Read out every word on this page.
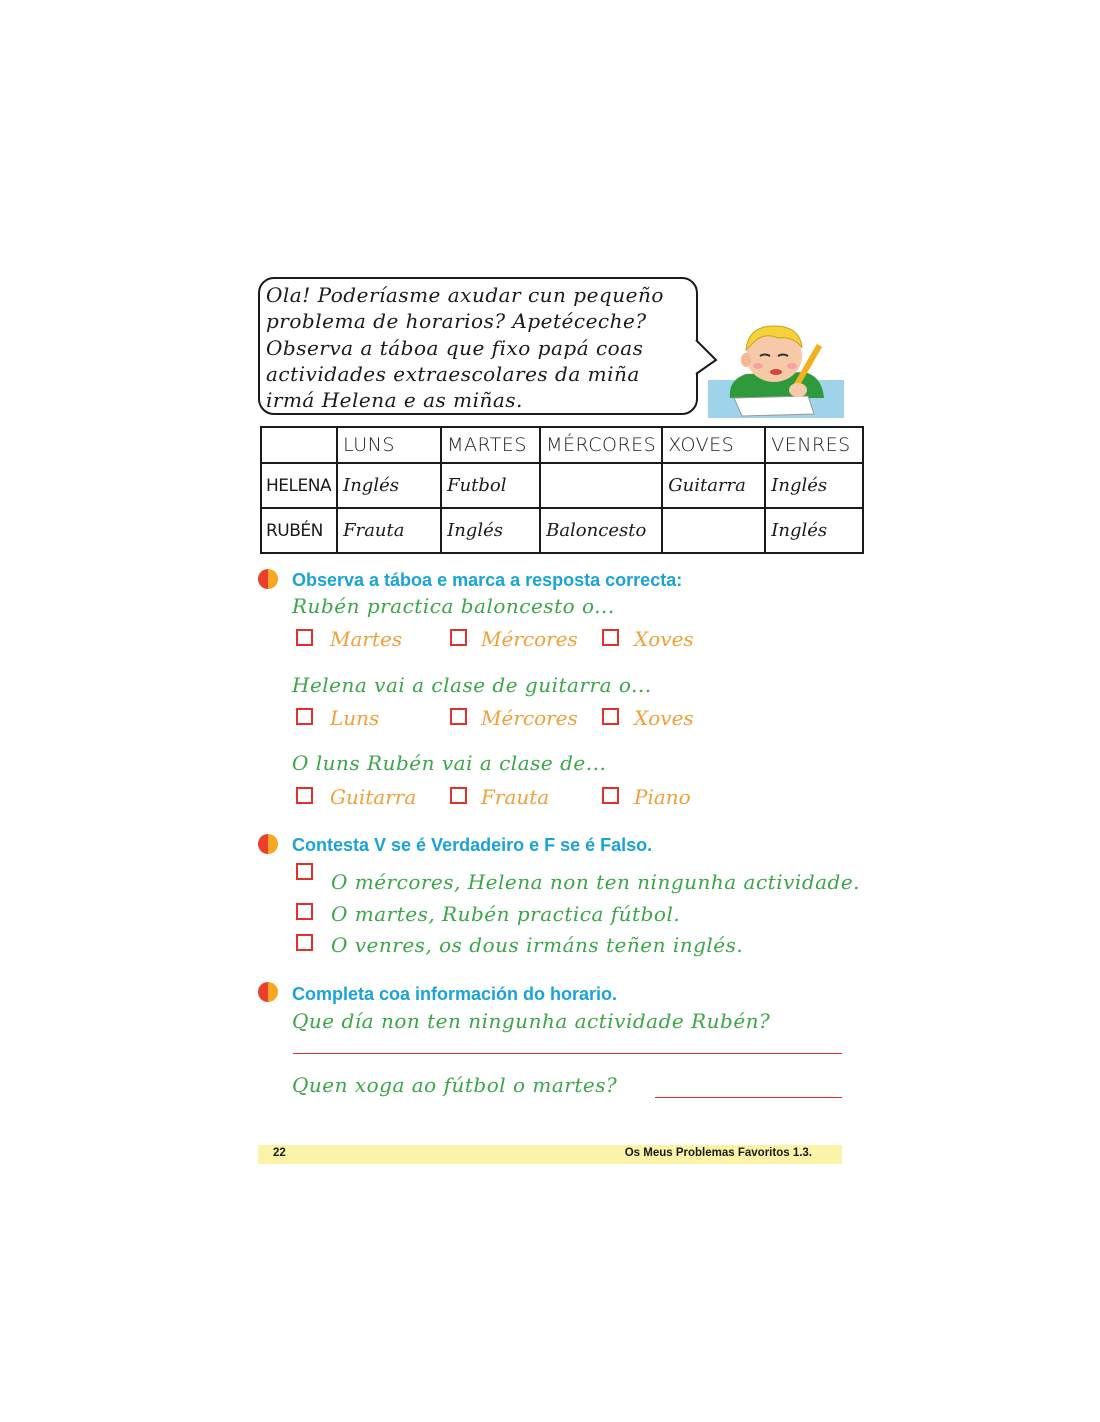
Ola! Poderíasme axudar cun pequeño
problema de horarios? Apetéceche?
Observa a táboa que fixo papá coas
actividades extraescolares da miña
irmá Helena e as miñas.
	LUNS	MARTES	MÉRCORES	XOVES	VENRES
HELENA	Inglés	Futbol		Guitarra	Inglés
RUBÉN	Frauta	Inglés	Baloncesto		Inglés
Observa a táboa e marca a resposta correcta:
Rubén practica baloncesto o...
Martes	Mércores	Xoves
Helena vai a clase de guitarra o...
Luns	Mércores	Xoves
O luns Rubén vai a clase de...
Guitarra	Frauta	Piano
Contesta V se é Verdadeiro e F se é Falso.
O mércores, Helena non ten ningunha actividade.
O martes, Rubén practica fútbol.
O venres, os dous irmáns teñen inglés.
Completa coa información do horario.
Que día non ten ningunha actividade Rubén?
Quen xoga ao fútbol o martes?
22	Os Meus Problemas Favoritos 1.3.
